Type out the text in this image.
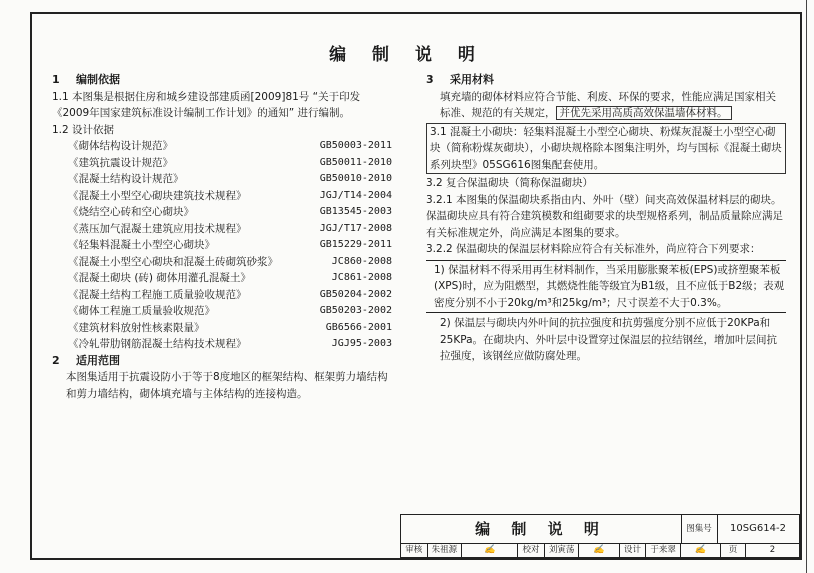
编 制 说 明
1 编制依据
1.1 本图集是根据住房和城乡建设部建质函[2009]81号 “关于印发《2009年国家建筑标准设计编制工作计划》的通知” 进行编制。
1.2 设计依据
《砌体结构设计规范》	GB50003-2011
《建筑抗震设计规范》	GB50011-2010
《混凝土结构设计规范》	GB50010-2010
《混凝土小型空心砌块建筑技术规程》	JGJ/T14-2004
《烧结空心砖和空心砌块》	GB13545-2003
《蒸压加气混凝土建筑应用技术规程》	JGJ/T17-2008
《轻集料混凝土小型空心砌块》	GB15229-2011
《混凝土小型空心砌块和混凝土砖砌筑砂浆》	JC860-2008
《混凝土砌块 (砖) 砌体用灌孔混凝土》	JC861-2008
《混凝土结构工程施工质量验收规范》	GB50204-2002
《砌体工程施工质量验收规范》	GB50203-2002
《建筑材料放射性核素限量》	GB6566-2001
《冷轧带肋钢筋混凝土结构技术规程》	JGJ95-2003
2 适用范围
本图集适用于抗震设防小于等于8度地区的框架结构、框架剪力墙结构和剪力墙结构，砌体填充墙与主体结构的连接构造。
3 采用材料
填充墙的砌体材料应符合节能、利废、环保的要求，性能应满足国家相关标准、规范的有关规定， 并优先采用高质高效保温墙体材料。
3.1 混凝土小砌块：轻集料混凝土小型空心砌块、粉煤灰混凝土小型空心砌块（简称粉煤灰砌块），小砌块规格除本图集注明外，均与国标《混凝土砌块系列块型》05SG616图集配套使用。
3.2 复合保温砌块（简称保温砌块）
3.2.1 本图集的保温砌块系指由内、外叶（壁）间夹高效保温材料层的砌块。保温砌块应具有符合建筑模数和组砌要求的块型规格系列，制品质量除应满足有关标准规定外，尚应满足本图集的要求。
3.2.2 保温砌块的保温层材料除应符合有关标准外，尚应符合下列要求：
1) 保温材料不得采用再生材料制作，当采用膨胀聚苯板(EPS)或挤塑聚苯板(XPS)时，应为阻燃型，其燃烧性能等级宜为B1级，且不应低于B2级；表观密度分别不小于20kg/m³和25kg/m³；尺寸误差不大于0.3%。
2) 保温层与砌块内外叶间的抗拉强度和抗剪强度分别不应低于20KPa和25KPa。在砌块内、外叶层中设置穿过保温层的拉结钢丝，增加叶层间抗拉强度，该钢丝应做防腐处理。
编 制 说 明	图集号	10SG614-2
审核	朱祖源	✍	校对	刘寅荡	✍	设计	于来翠	✍	页	2
